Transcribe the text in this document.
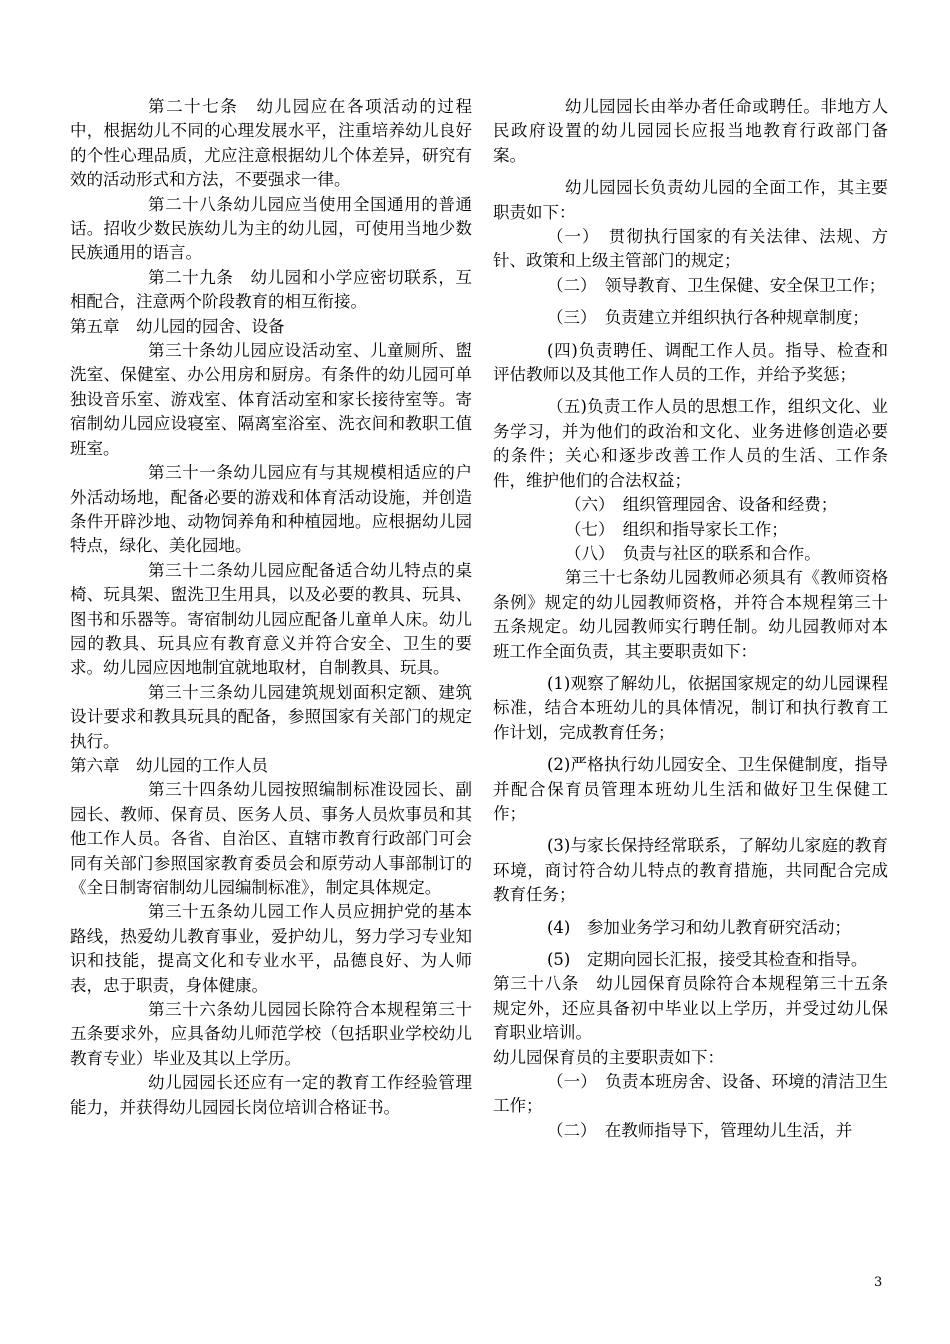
第二十七条　幼儿园应在各项活动的过程中，根据幼儿不同的心理发展水平，注重培养幼儿良好的个性心理品质，尤应注意根据幼儿个体差异，研究有效的活动形式和方法，不要强求一律。

第二十八条幼儿园应当使用全国通用的普通话。招收少数民族幼儿为主的幼儿园，可使用当地少数民族通用的语言。

第二十九条　幼儿园和小学应密切联系，互相配合，注意两个阶段教育的相互衔接。

第五章　幼儿园的园舍、设备

第三十条幼儿园应设活动室、儿童厕所、盥洗室、保健室、办公用房和厨房。有条件的幼儿园可单独设音乐室、游戏室、体育活动室和家长接待室等。寄宿制幼儿园应设寝室、隔离室浴室、洗衣间和教职工值班室。

第三十一条幼儿园应有与其规模相适应的户外活动场地，配备必要的游戏和体育活动设施，并创造条件开辟沙地、动物饲养角和种植园地。应根据幼儿园特点，绿化、美化园地。

第三十二条幼儿园应配备适合幼儿特点的桌椅、玩具架、盥洗卫生用具，以及必要的教具、玩具、图书和乐器等。寄宿制幼儿园应配备儿童单人床。幼儿园的教具、玩具应有教育意义并符合安全、卫生的要求。幼儿园应因地制宜就地取材，自制教具、玩具。

第三十三条幼儿园建筑规划面积定额、建筑设计要求和教具玩具的配备，参照国家有关部门的规定执行。

第六章　幼儿园的工作人员

第三十四条幼儿园按照编制标准设园长、副园长、教师、保育员、医务人员、事务人员炊事员和其他工作人员。各省、自治区、直辖市教育行政部门可会同有关部门参照国家教育委员会和原劳动人事部制订的《全日制寄宿制幼儿园编制标准》，制定具体规定。

第三十五条幼儿园工作人员应拥护党的基本路线，热爱幼儿教育事业，爱护幼儿，努力学习专业知识和技能，提高文化和专业水平，品德良好、为人师表，忠于职责，身体健康。

第三十六条幼儿园园长除符合本规程第三十五条要求外，应具备幼儿师范学校（包括职业学校幼儿教育专业）毕业及其以上学历。

幼儿园园长还应有一定的教育工作经验管理能力，并获得幼儿园园长岗位培训合格证书。

幼儿园园长由举办者任命或聘任。非地方人民政府设置的幼儿园园长应报当地教育行政部门备案。

幼儿园园长负责幼儿园的全面工作，其主要职责如下：

（一）　贯彻执行国家的有关法律、法规、方针、政策和上级主管部门的规定；

（二）　领导教育、卫生保健、安全保卫工作；

（三）　负责建立并组织执行各种规章制度；

(四)负责聘任、调配工作人员。指导、检查和评估教师以及其他工作人员的工作，并给予奖惩；

（五)负责工作人员的思想工作，组织文化、业务学习，并为他们的政治和文化、业务进修创造必要的条件；关心和逐步改善工作人员的生活、工作条件，维护他们的合法权益；

（六）　组织管理园舍、设备和经费；

（七）　组织和指导家长工作；

（八）　负责与社区的联系和合作。

第三十七条幼儿园教师必须具有《教师资格条例》规定的幼儿园教师资格，并符合本规程第三十五条规定。幼儿园教师实行聘任制。幼儿园教师对本班工作全面负责，其主要职责如下：

(1)观察了解幼儿，依据国家规定的幼儿园课程标准，结合本班幼儿的具体情况，制订和执行教育工作计划，完成教育任务；

(2)严格执行幼儿园安全、卫生保健制度，指导并配合保育员管理本班幼儿生活和做好卫生保健工作；

(3)与家长保持经常联系，了解幼儿家庭的教育环境，商讨符合幼儿特点的教育措施，共同配合完成教育任务；

(4)　参加业务学习和幼儿教育研究活动；

(5)　定期向园长汇报，接受其检查和指导。

第三十八条　幼儿园保育员除符合本规程第三十五条规定外，还应具备初中毕业以上学历，并受过幼儿保育职业培训。

幼儿园保育员的主要职责如下：

（一）　负责本班房舍、设备、环境的清洁卫生工作；

（二）　在教师指导下，管理幼儿生活，并

3
